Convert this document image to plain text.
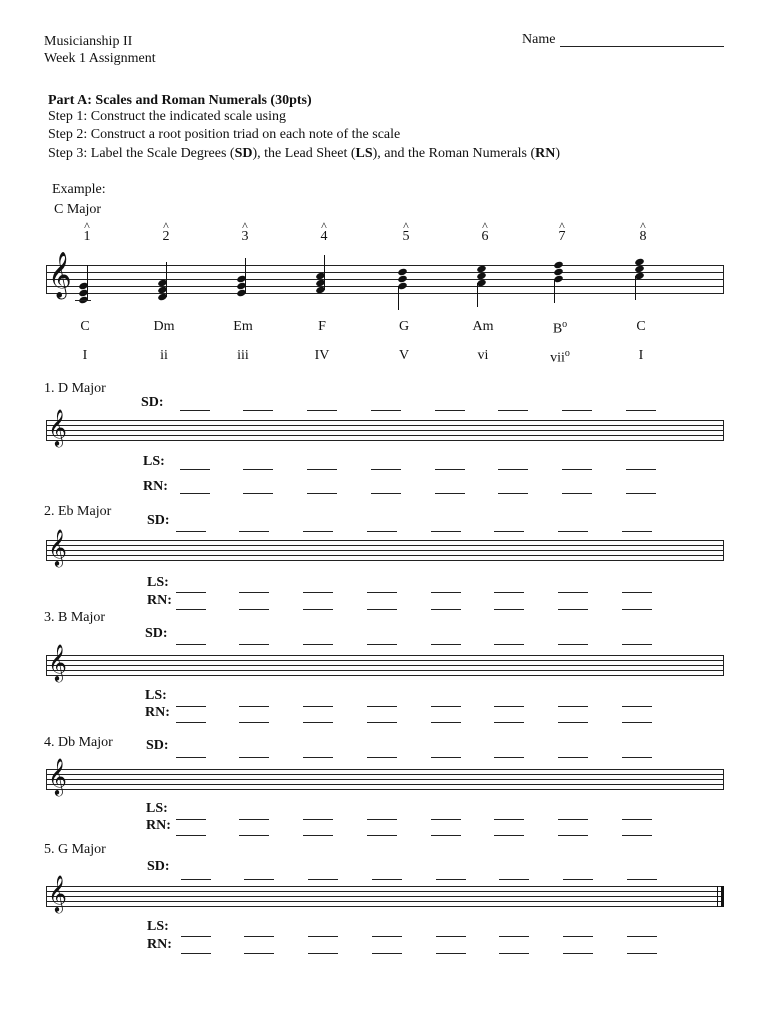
Musicianship II
Week 1 Assignment
Name
Part A: Scales and Roman Numerals (30pts)
Step 1: Construct the indicated scale using
Step 2: Construct a root position triad on each note of the scale
Step 3: Label the Scale Degrees (SD), the Lead Sheet (LS), and the Roman Numerals (RN)
Example:
C Major
^
1
^
2
^
3
^
4
^
5
^
6
^
7
^
8
𝄞
C	Dm	Em	F	G	Am	$B^o$	C
I	ii	iii	IV	V	vi	vii$^o$	I
1. D Major
SD:
LS:
RN:
𝄞
2. Eb Major
SD:
LS:
RN:
𝄞
3. B Major
SD:
LS:
RN:
𝄞
4. Db Major SD:
LS:
RN:
𝄞
5. G Major
SD:
LS:
RN:
𝄞
